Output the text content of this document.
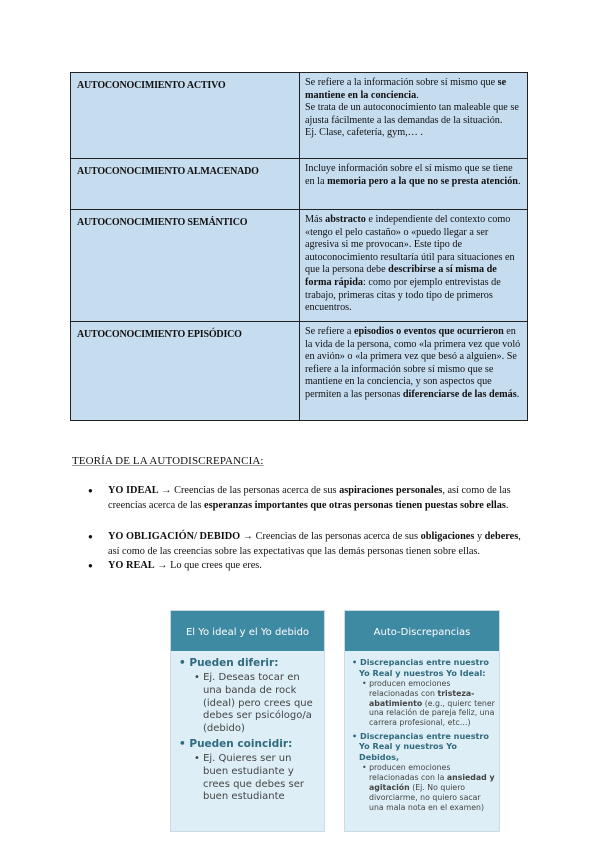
AUTOCONOCIMIENTO ACTIVO	Se refiere a la información sobre sí mismo que se mantiene en la conciencia.

Se trata de un autoconocimiento tan maleable que se ajusta fácilmente a las demandas de la situación.

Ej. Clase, cafetería, gym,… .

AUTOCONOCIMIENTO ALMACENADO	Incluye información sobre el sí mismo que se tiene en la memoria pero a la que no se presta atención.

AUTOCONOCIMIENTO SEMÁNTICO	Más abstracto e independiente del contexto como «tengo el pelo castaño» o «puedo llegar a ser agresiva si me provocan». Este tipo de autoconocimiento resultaría útil para situaciones en que la persona debe describirse a sí misma de forma rápida: como por ejemplo entrevistas de trabajo, primeras citas y todo tipo de primeros encuentros.

AUTOCONOCIMIENTO EPISÓDICO	Se refiere a episodios o eventos que ocurrieron en la vida de la persona, como «la primera vez que voló en avión» o «la primera vez que besó a alguien». Se refiere a la información sobre sí mismo que se mantiene en la conciencia, y son aspectos que permiten a las personas diferenciarse de las demás.

TEORÍA DE LA AUTODISCREPANCIA:
● YO IDEAL → Creencias de las personas acerca de sus aspiraciones personales, así como de las creencias acerca de las esperanzas importantes que otras personas tienen puestas sobre ellas.
● YO OBLIGACIÓN/ DEBIDO → Creencias de las personas acerca de sus obligaciones y deberes, así como de las creencias sobre las expectativas que las demás personas tienen sobre ellas.
● YO REAL → Lo que crees que eres.
El Yo ideal y el Yo debido
• Pueden diferir:
• Ej. Deseas tocar en una banda de rock (ideal) pero crees que debes ser psicólogo/a (debido)
• Pueden coincidir:
• Ej. Quieres ser un buen estudiante y crees que debes ser buen estudiante
Auto-Discrepancias
• Discrepancias entre nuestro Yo Real y nuestros Yo Ideal:
• producen emociones relacionadas con tristeza-abatimiento (e.g., quierc tener una relación de pareja feliz, una carrera profesional, etc…)
• Discrepancias entre nuestro Yo Real y nuestros Yo Debidos,
• producen emociones relacionadas con la ansiedad y agitación (Ej. No quiero divorciarme, no quiero sacar una mala nota en el examen)
